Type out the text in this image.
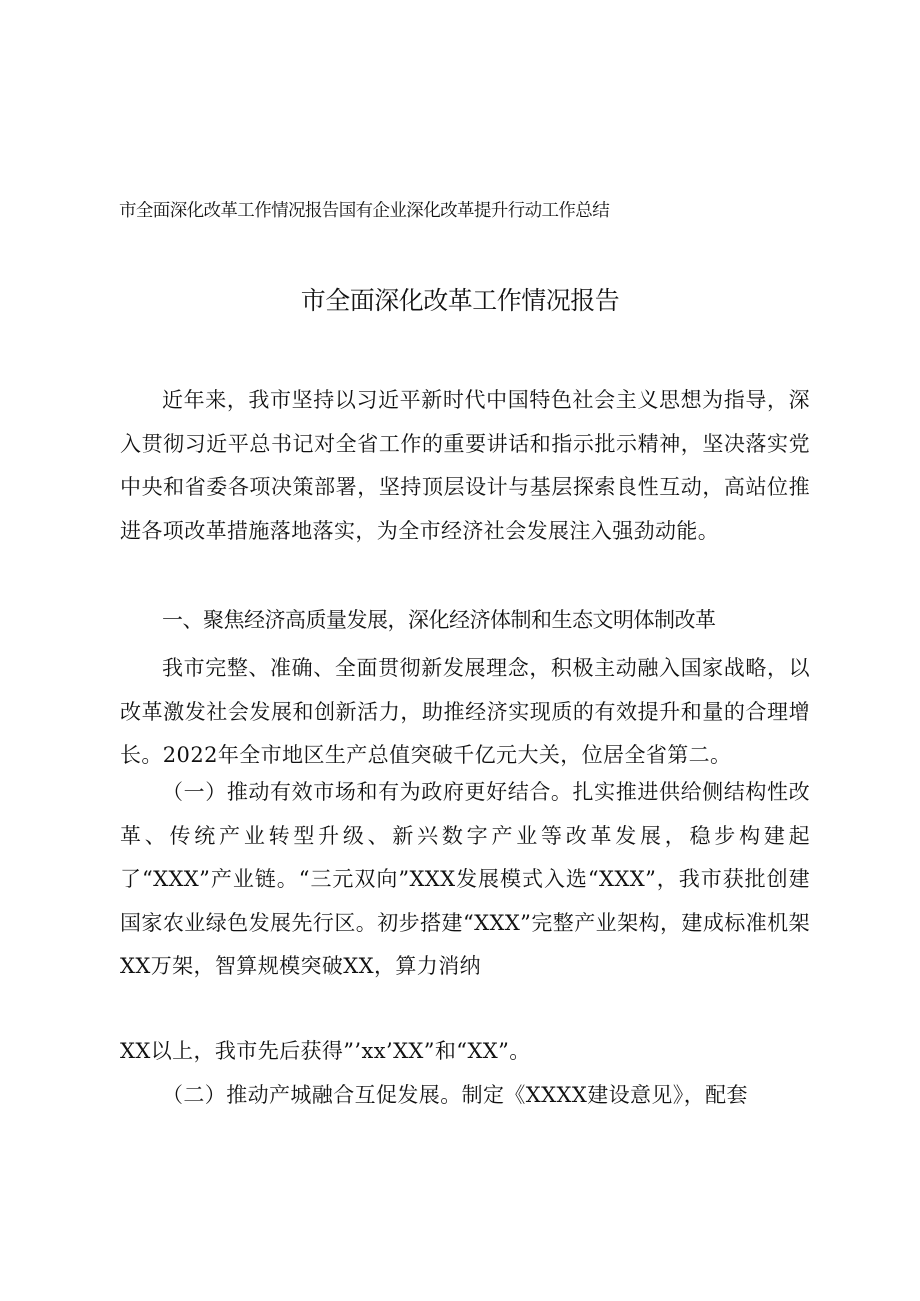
市全面深化改革工作情况报告国有企业深化改革提升行动工作总结
市全面深化改革工作情况报告

近年来，我市坚持以习近平新时代中国特色社会主义思想为指导，深入贯彻习近平总书记对全省工作的重要讲话和指示批示精神，坚决落实党中央和省委各项决策部署，坚持顶层设计与基层探索良性互动，高站位推进各项改革措施落地落实，为全市经济社会发展注入强劲动能。

一、聚焦经济高质量发展，深化经济体制和生态文明体制改革

我市完整、准确、全面贯彻新发展理念，积极主动融入国家战略，以改革激发社会发展和创新活力，助推经济实现质的有效提升和量的合理增长。2022年全市地区生产总值突破千亿元大关，位居全省第二。

（一）推动有效市场和有为政府更好结合。扎实推进供给侧结构性改革、传统产业转型升级、新兴数字产业等改革发展，稳步构建起了“XXX”产业链。“三元双向”XXX发展模式入选“XXX”，我市获批创建国家农业绿色发展先行区。初步搭建“XXX”完整产业架构，建成标准机架XX万架，智算规模突破XX，算力消纳

XX以上，我市先后获得”’xx’XX”和“XX”。

（二）推动产城融合互促发展。制定《XXXX建设意见》，配套
